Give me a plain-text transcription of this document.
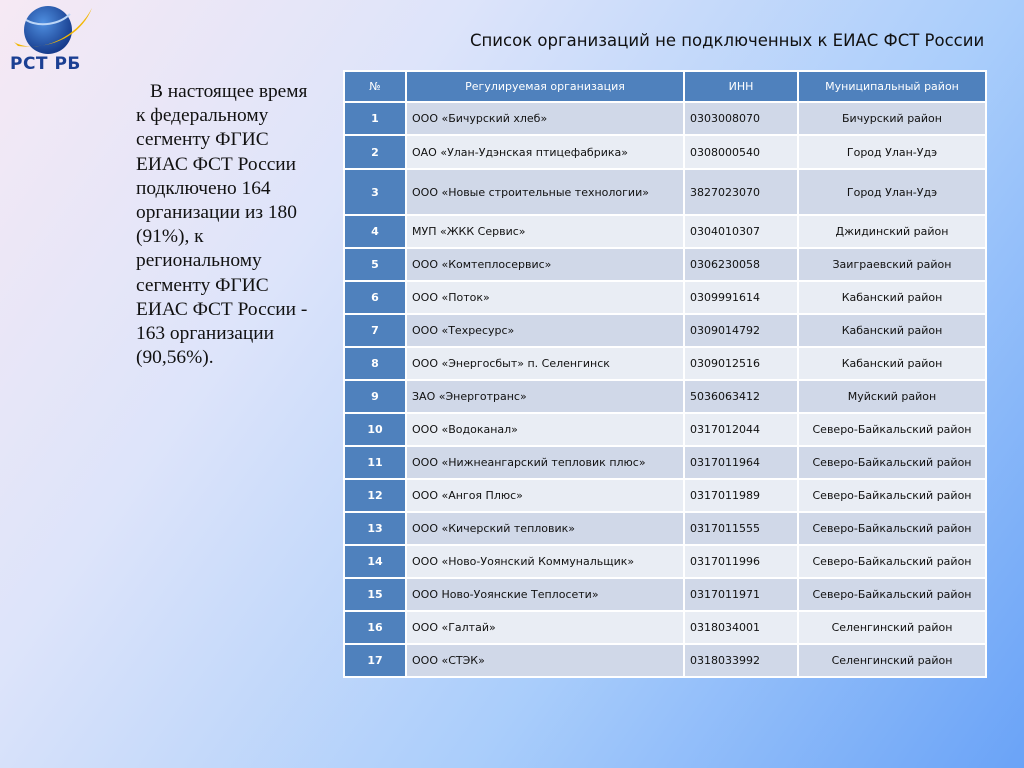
РСТ РБ
Список организаций не подключенных к ЕИАС ФСТ России
В настоящее время к федеральному сегменту ФГИС ЕИАС ФСТ России подключено 164 организации из 180 (91%), к региональному сегменту ФГИС ЕИАС ФСТ России - 163 организации (90,56%).
№	Регулируемая организация	ИНН	Муниципальный район
1	ООО «Бичурский хлеб»	0303008070	Бичурский район
2	ОАО «Улан-Удэнская птицефабрика»	0308000540	Город Улан-Удэ
3	ООО «Новые строительные технологии»	3827023070	Город Улан-Удэ
4	МУП «ЖКК Сервис»	0304010307	Джидинский район
5	ООО «Комтеплосервис»	0306230058	Заиграевский район
6	ООО «Поток»	0309991614	Кабанский район
7	ООО «Техресурс»	0309014792	Кабанский район
8	ООО «Энергосбыт» п. Селенгинск	0309012516	Кабанский район
9	ЗАО «Энерготранс»	5036063412	Муйский район
10	ООО «Водоканал»	0317012044	Северо-Байкальский район
11	ООО «Нижнеангарский тепловик плюс»	0317011964	Северо-Байкальский район
12	ООО «Ангоя Плюс»	0317011989	Северо-Байкальский район
13	ООО «Кичерский тепловик»	0317011555	Северо-Байкальский район
14	ООО «Ново-Уоянский Коммунальщик»	0317011996	Северо-Байкальский район
15	ООО Ново-Уоянские Теплосети»	0317011971	Северо-Байкальский район
16	ООО «Галтай»	0318034001	Селенгинский район
17	ООО «СТЭК»	0318033992	Селенгинский район
